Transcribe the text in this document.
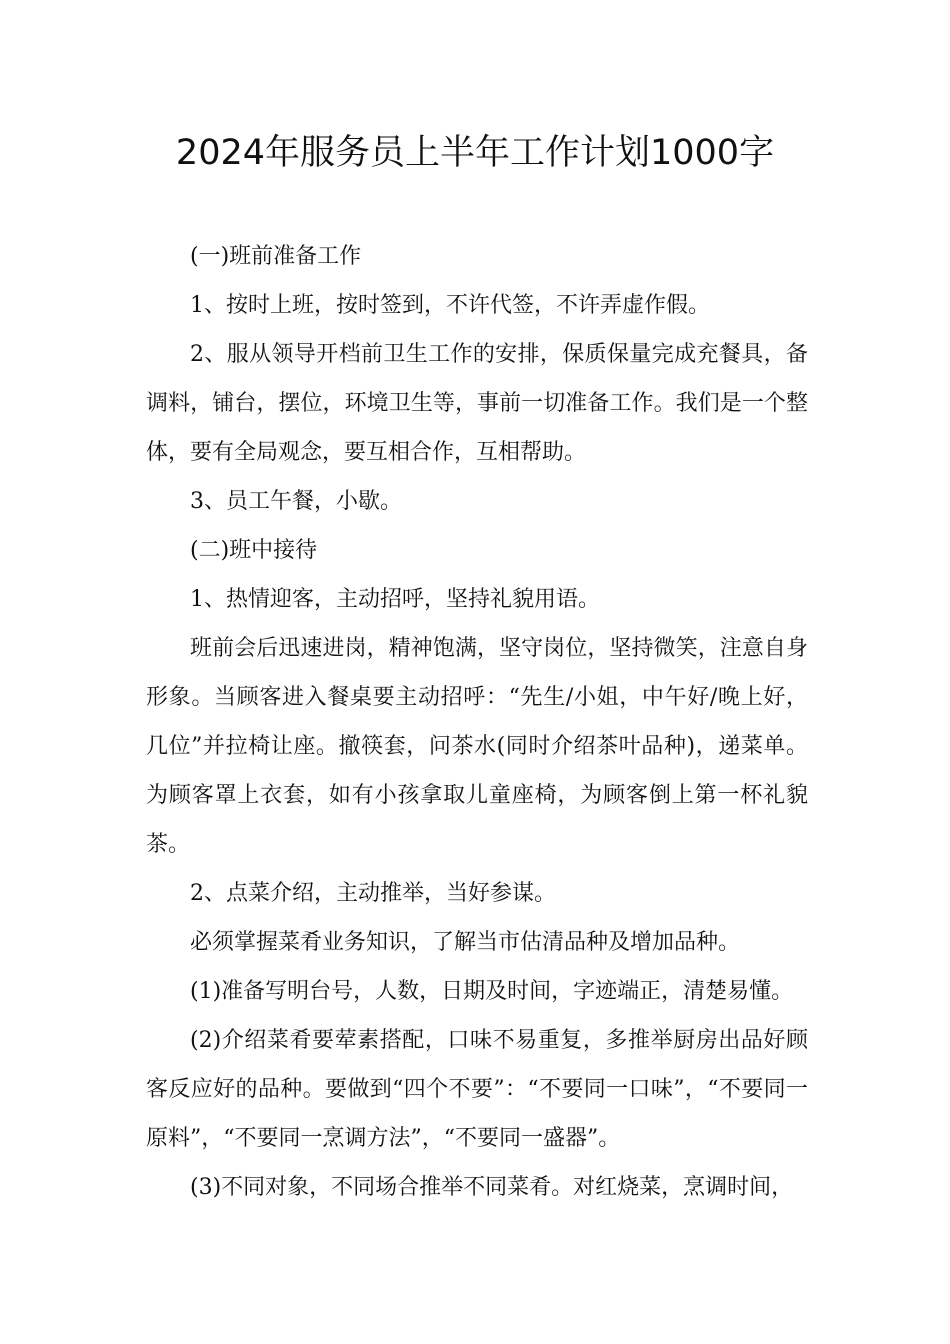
2024年服务员上半年工作计划1000字

(一)班前准备工作

1、按时上班，按时签到，不许代签，不许弄虚作假。

2、服从领导开档前卫生工作的安排，保质保量完成充餐具，备调料，铺台，摆位，环境卫生等，事前一切准备工作。我们是一个整体，要有全局观念，要互相合作，互相帮助。

3、员工午餐，小歇。

(二)班中接待

1、热情迎客，主动招呼，坚持礼貌用语。

班前会后迅速进岗，精神饱满，坚守岗位，坚持微笑，注意自身形象。当顾客进入餐桌要主动招呼：“先生/小姐，中午好/晚上好，几位”并拉椅让座。撤筷套，问茶水(同时介绍茶叶品种)，递菜单。为顾客罩上衣套，如有小孩拿取儿童座椅，为顾客倒上第一杯礼貌茶。

2、点菜介绍，主动推举，当好参谋。

必须掌握菜肴业务知识，了解当市估清品种及增加品种。

(1)准备写明台号，人数，日期及时间，字迹端正，清楚易懂。

(2)介绍菜肴要荤素搭配，口味不易重复，多推举厨房出品好顾客反应好的品种。要做到“四个不要”：“不要同一口味”，“不要同一原料”，“不要同一烹调方法”，“不要同一盛器”。

(3)不同对象，不同场合推举不同菜肴。对红烧菜，烹调时间，
